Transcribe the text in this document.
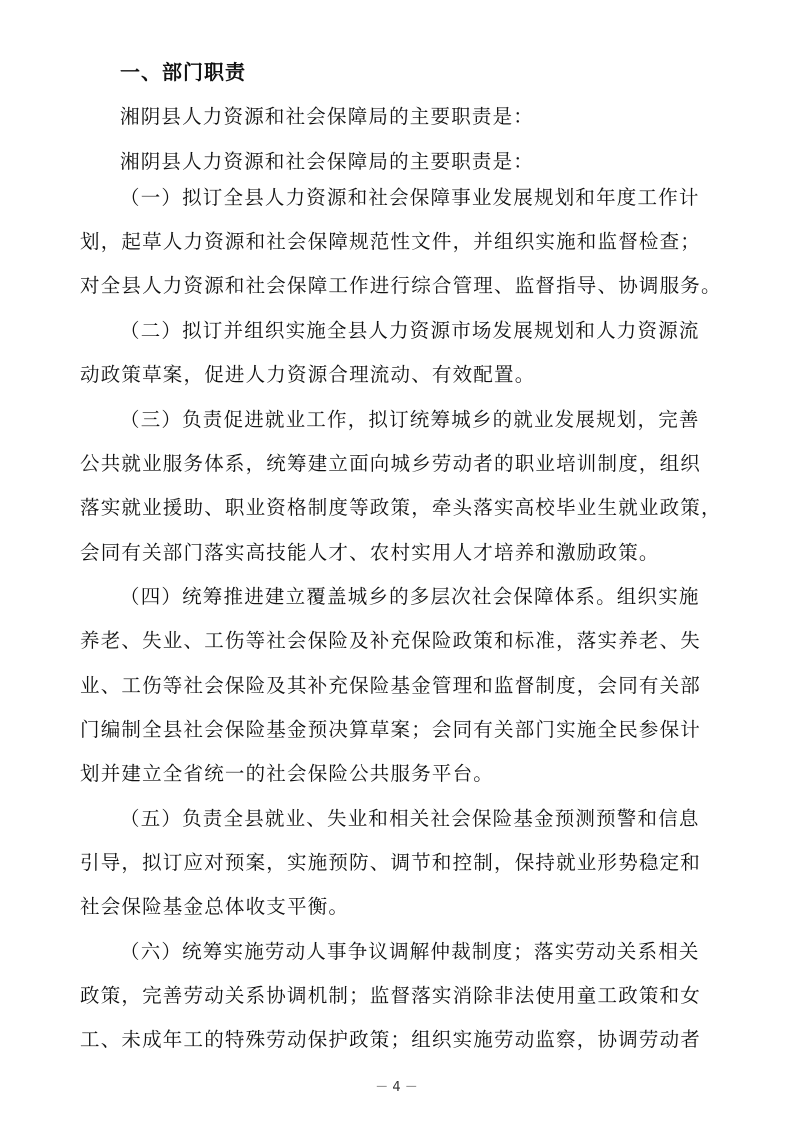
一、部门职责
湘阴县人力资源和社会保障局的主要职责是：
湘阴县人力资源和社会保障局的主要职责是：
（一）拟订全县人力资源和社会保障事业发展规划和年度工作计
划，起草人力资源和社会保障规范性文件，并组织实施和监督检查；
对全县人力资源和社会保障工作进行综合管理、监督指导、协调服务。
（二）拟订并组织实施全县人力资源市场发展规划和人力资源流
动政策草案，促进人力资源合理流动、有效配置。
（三）负责促进就业工作，拟订统筹城乡的就业发展规划，完善
公共就业服务体系，统筹建立面向城乡劳动者的职业培训制度，组织
落实就业援助、职业资格制度等政策，牵头落实高校毕业生就业政策，
会同有关部门落实高技能人才、农村实用人才培养和激励政策。
（四）统筹推进建立覆盖城乡的多层次社会保障体系。组织实施
养老、失业、工伤等社会保险及补充保险政策和标准，落实养老、失
业、工伤等社会保险及其补充保险基金管理和监督制度，会同有关部
门编制全县社会保险基金预决算草案；会同有关部门实施全民参保计
划并建立全省统一的社会保险公共服务平台。
（五）负责全县就业、失业和相关社会保险基金预测预警和信息
引导，拟订应对预案，实施预防、调节和控制，保持就业形势稳定和
社会保险基金总体收支平衡。
（六）统筹实施劳动人事争议调解仲裁制度；落实劳动关系相关
政策，完善劳动关系协调机制；监督落实消除非法使用童工政策和女
工、未成年工的特殊劳动保护政策；组织实施劳动监察，协调劳动者
－ 4 －
